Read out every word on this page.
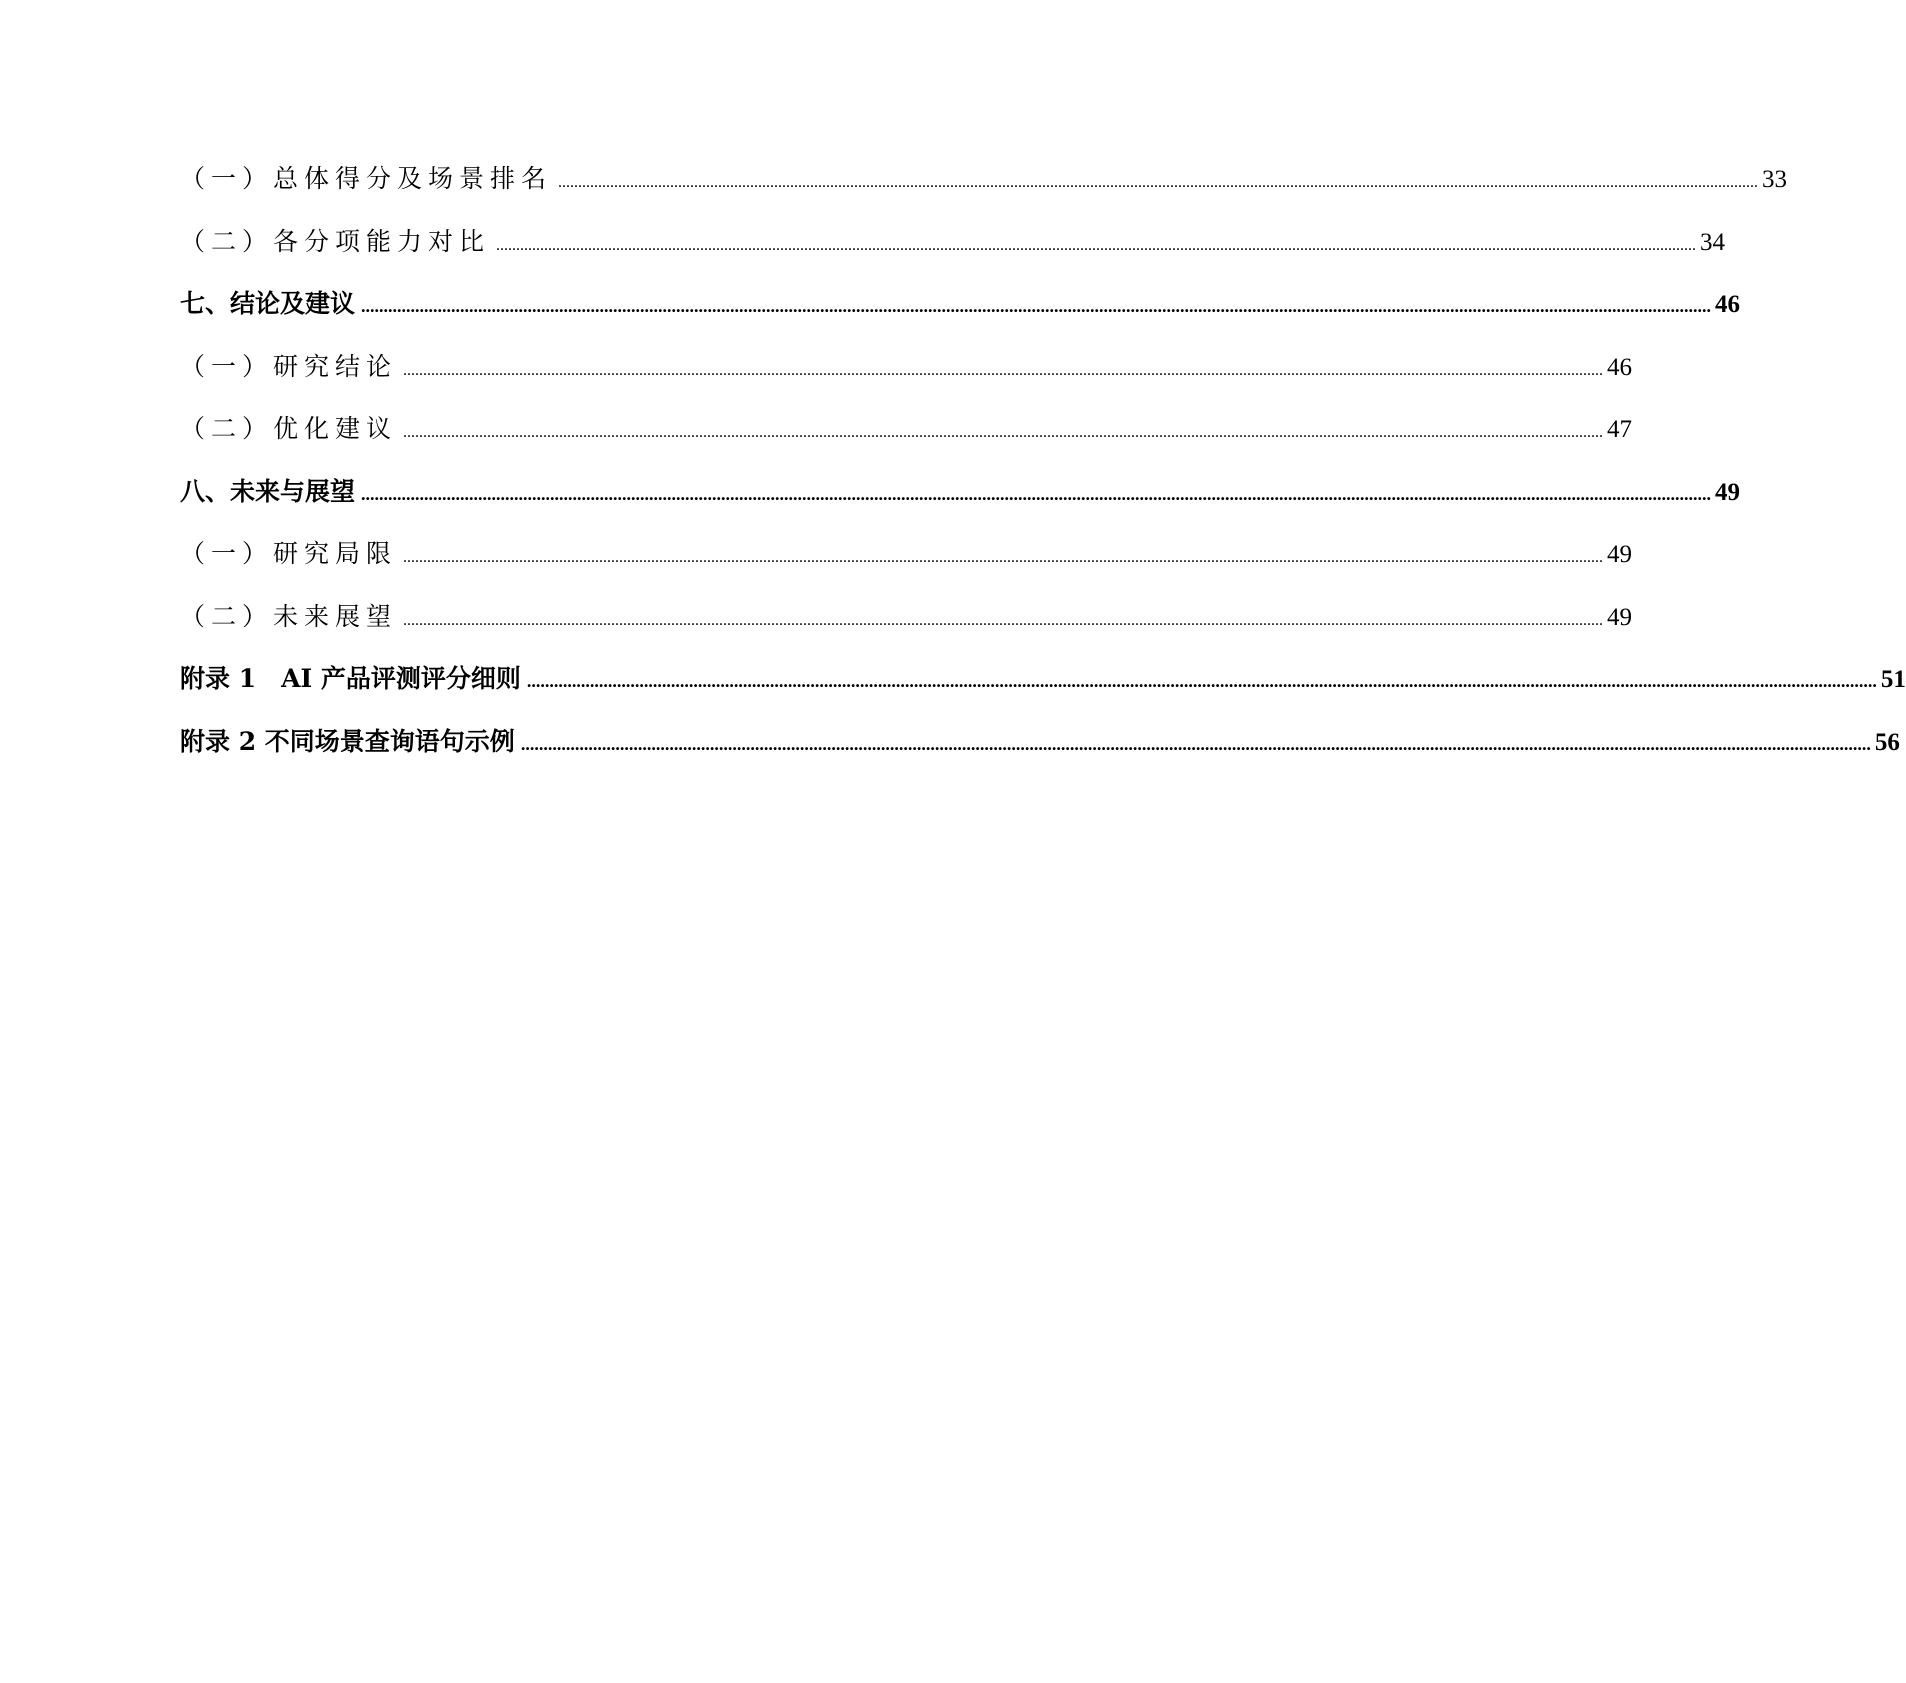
（一）总体得分及场景排名 ............................................................................................................................................................................................................................................................................................................ 33
（二）各分项能力对比 ............................................................................................................................................................................................................................................................................................................ 34
七、结论及建议 ............................................................................................................................................................................................................................................................................................................ 46
（一）研究结论 ............................................................................................................................................................................................................................................................................................................ 46
（二）优化建议 ............................................................................................................................................................................................................................................................................................................ 47
八、未来与展望 ............................................................................................................................................................................................................................................................................................................ 49
（一）研究局限 ............................................................................................................................................................................................................................................................................................................ 49
（二）未来展望 ............................................................................................................................................................................................................................................................................................................ 49
附录 1　AI 产品评测评分细则 ............................................................................................................................................................................................................................................................................................................ 51
附录 2 不同场景查询语句示例 ............................................................................................................................................................................................................................................................................................................ 56
